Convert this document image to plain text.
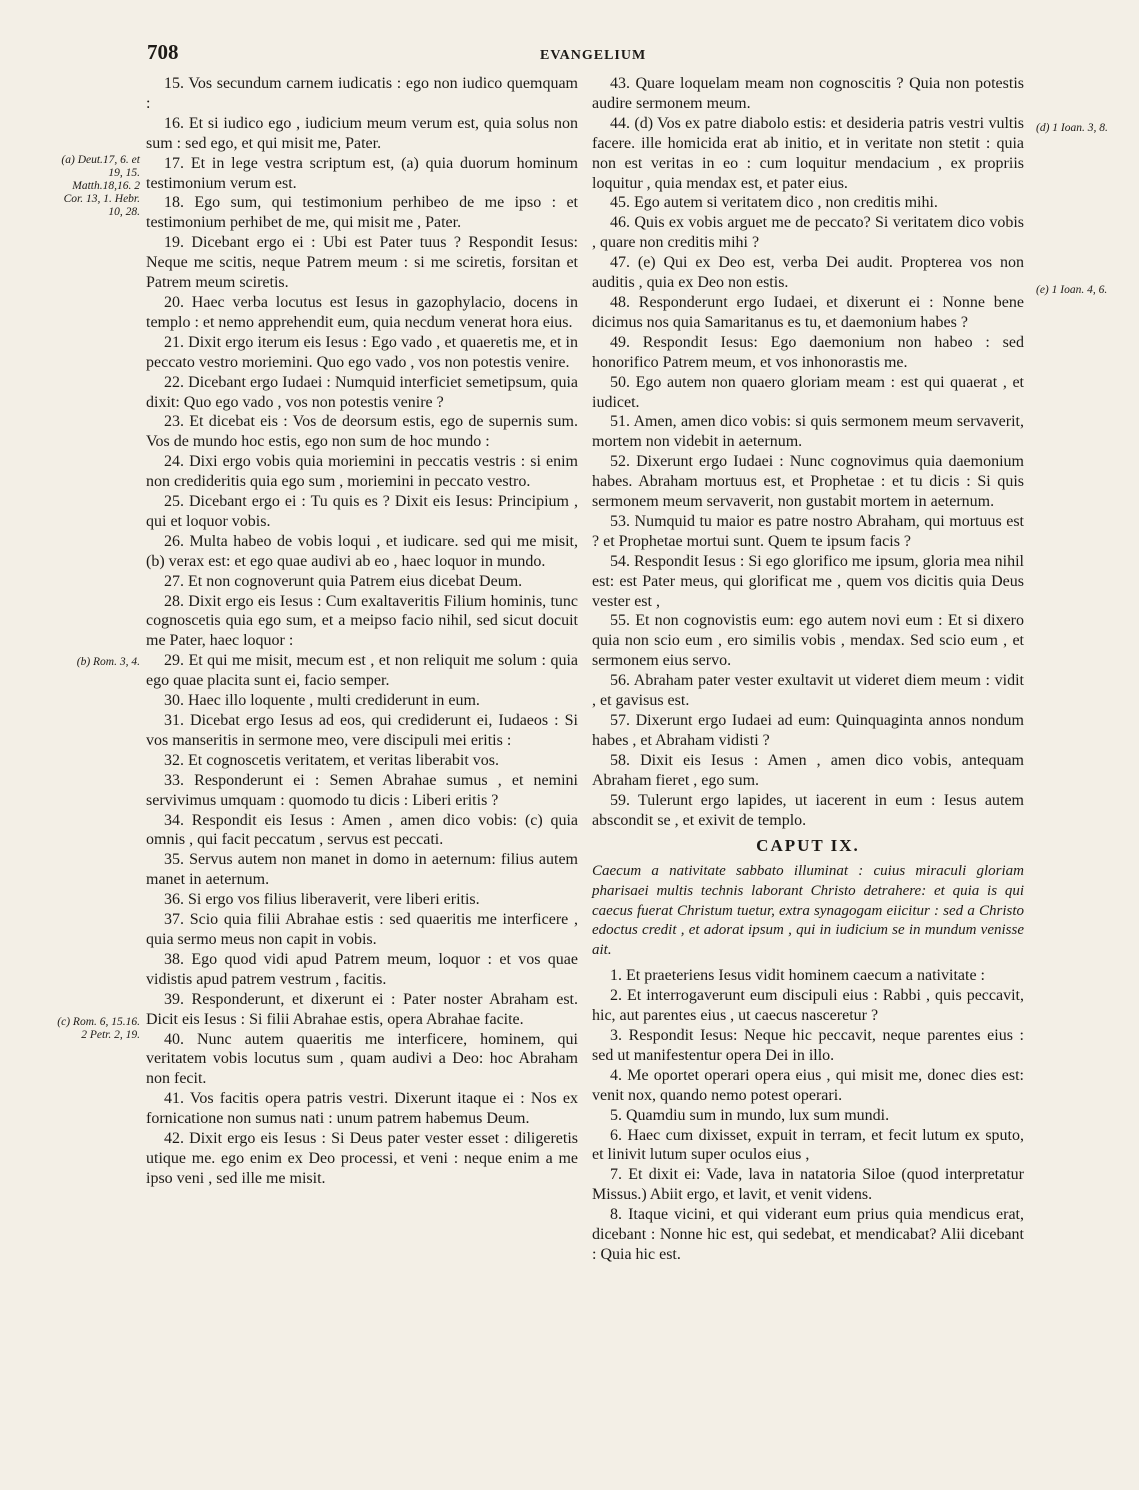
708	EVANGELIUM
(a) Deut.17, 6. et 19, 15. Matth.18,16. 2 Cor. 13, 1. Hebr. 10, 28.
(b) Rom. 3, 4.
(c) Rom. 6, 15.16. 2 Petr. 2, 19.
(d) 1 Ioan. 3, 8.
(e) 1 Ioan. 4, 6.

15. Vos secundum carnem iudicatis : ego non iudico quemquam :

16. Et si iudico ego , iudicium meum verum est, quia solus non sum : sed ego, et qui misit me, Pater.

17. Et in lege vestra scriptum est, (a) quia duorum hominum testimonium verum est.

18. Ego sum, qui testimonium perhibeo de me ipso : et testimonium perhibet de me, qui misit me , Pater.

19. Dicebant ergo ei : Ubi est Pater tuus ? Respondit Iesus: Neque me scitis, neque Patrem meum : si me sciretis, forsitan et Patrem meum sciretis.

20. Haec verba locutus est Iesus in gazophylacio, docens in templo : et nemo apprehendit eum, quia necdum venerat hora eius.

21. Dixit ergo iterum eis Iesus : Ego vado , et quaeretis me, et in peccato vestro moriemini. Quo ego vado , vos non potestis venire.

22. Dicebant ergo Iudaei : Numquid interficiet semetipsum, quia dixit: Quo ego vado , vos non potestis venire ?

23. Et dicebat eis : Vos de deorsum estis, ego de supernis sum. Vos de mundo hoc estis, ego non sum de hoc mundo :

24. Dixi ergo vobis quia moriemini in peccatis vestris : si enim non credideritis quia ego sum , moriemini in peccato vestro.

25. Dicebant ergo ei : Tu quis es ? Dixit eis Iesus: Principium , qui et loquor vobis.

26. Multa habeo de vobis loqui , et iudicare. sed qui me misit, (b) verax est: et ego quae audivi ab eo , haec loquor in mundo.

27. Et non cognoverunt quia Patrem eius dicebat Deum.

28. Dixit ergo eis Iesus : Cum exaltaveritis Filium hominis, tunc cognoscetis quia ego sum, et a meipso facio nihil, sed sicut docuit me Pater, haec loquor :

29. Et qui me misit, mecum est , et non reliquit me solum : quia ego quae placita sunt ei, facio semper.

30. Haec illo loquente , multi crediderunt in eum.

31. Dicebat ergo Iesus ad eos, qui crediderunt ei, Iudaeos : Si vos manseritis in sermone meo, vere discipuli mei eritis :

32. Et cognoscetis veritatem, et veritas liberabit vos.

33. Responderunt ei : Semen Abrahae sumus , et nemini servivimus umquam : quomodo tu dicis : Liberi eritis ?

34. Respondit eis Iesus : Amen , amen dico vobis: (c) quia omnis , qui facit peccatum , servus est peccati.

35. Servus autem non manet in domo in aeternum: filius autem manet in aeternum.

36. Si ergo vos filius liberaverit, vere liberi eritis.

37. Scio quia filii Abrahae estis : sed quaeritis me interficere , quia sermo meus non capit in vobis.

38. Ego quod vidi apud Patrem meum, loquor : et vos quae vidistis apud patrem vestrum , facitis.

39. Responderunt, et dixerunt ei : Pater noster Abraham est. Dicit eis Iesus : Si filii Abrahae estis, opera Abrahae facite.

40. Nunc autem quaeritis me interficere, hominem, qui veritatem vobis locutus sum , quam audivi a Deo: hoc Abraham non fecit.

41. Vos facitis opera patris vestri. Dixerunt itaque ei : Nos ex fornicatione non sumus nati : unum patrem habemus Deum.

42. Dixit ergo eis Iesus : Si Deus pater vester esset : diligeretis utique me. ego enim ex Deo processi, et veni : neque enim a me ipso veni , sed ille me misit.

43. Quare loquelam meam non cognoscitis ? Quia non potestis audire sermonem meum.

44. (d) Vos ex patre diabolo estis: et desideria patris vestri vultis facere. ille homicida erat ab initio, et in veritate non stetit : quia non est veritas in eo : cum loquitur mendacium , ex propriis loquitur , quia mendax est, et pater eius.

45. Ego autem si veritatem dico , non creditis mihi.

46. Quis ex vobis arguet me de peccato? Si veritatem dico vobis , quare non creditis mihi ?

47. (e) Qui ex Deo est, verba Dei audit. Propterea vos non auditis , quia ex Deo non estis.

48. Responderunt ergo Iudaei, et dixerunt ei : Nonne bene dicimus nos quia Samaritanus es tu, et daemonium habes ?

49. Respondit Iesus: Ego daemonium non habeo : sed honorifico Patrem meum, et vos inhonorastis me.

50. Ego autem non quaero gloriam meam : est qui quaerat , et iudicet.

51. Amen, amen dico vobis: si quis sermonem meum servaverit, mortem non videbit in aeternum.

52. Dixerunt ergo Iudaei : Nunc cognovimus quia daemonium habes. Abraham mortuus est, et Prophetae : et tu dicis : Si quis sermonem meum servaverit, non gustabit mortem in aeternum.

53. Numquid tu maior es patre nostro Abraham, qui mortuus est ? et Prophetae mortui sunt. Quem te ipsum facis ?

54. Respondit Iesus : Si ego glorifico me ipsum, gloria mea nihil est: est Pater meus, qui glorificat me , quem vos dicitis quia Deus vester est ,

55. Et non cognovistis eum: ego autem novi eum : Et si dixero quia non scio eum , ero similis vobis , mendax. Sed scio eum , et sermonem eius servo.

56. Abraham pater vester exultavit ut videret diem meum : vidit , et gavisus est.

57. Dixerunt ergo Iudaei ad eum: Quinquaginta annos nondum habes , et Abraham vidisti ?

58. Dixit eis Iesus : Amen , amen dico vobis, antequam Abraham fieret , ego sum.

59. Tulerunt ergo lapides, ut iacerent in eum : Iesus autem abscondit se , et exivit de templo.

CAPUT IX.

Caecum a nativitate sabbato illuminat : cuius miraculi gloriam pharisaei multis technis laborant Christo detrahere: et quia is qui caecus fuerat Christum tuetur, extra synagogam eiicitur : sed a Christo edoctus credit , et adorat ipsum , qui in iudicium se in mundum venisse ait.

1. Et praeteriens Iesus vidit hominem caecum a nativitate :

2. Et interrogaverunt eum discipuli eius : Rabbi , quis peccavit, hic, aut parentes eius , ut caecus nasceretur ?

3. Respondit Iesus: Neque hic peccavit, neque parentes eius : sed ut manifestentur opera Dei in illo.

4. Me oportet operari opera eius , qui misit me, donec dies est: venit nox, quando nemo potest operari.

5. Quamdiu sum in mundo, lux sum mundi.

6. Haec cum dixisset, expuit in terram, et fecit lutum ex sputo, et linivit lutum super oculos eius ,

7. Et dixit ei: Vade, lava in natatoria Siloe (quod interpretatur Missus.) Abiit ergo, et lavit, et venit videns.

8. Itaque vicini, et qui viderant eum prius quia mendicus erat, dicebant : Nonne hic est, qui sedebat, et mendicabat? Alii dicebant : Quia hic est.
